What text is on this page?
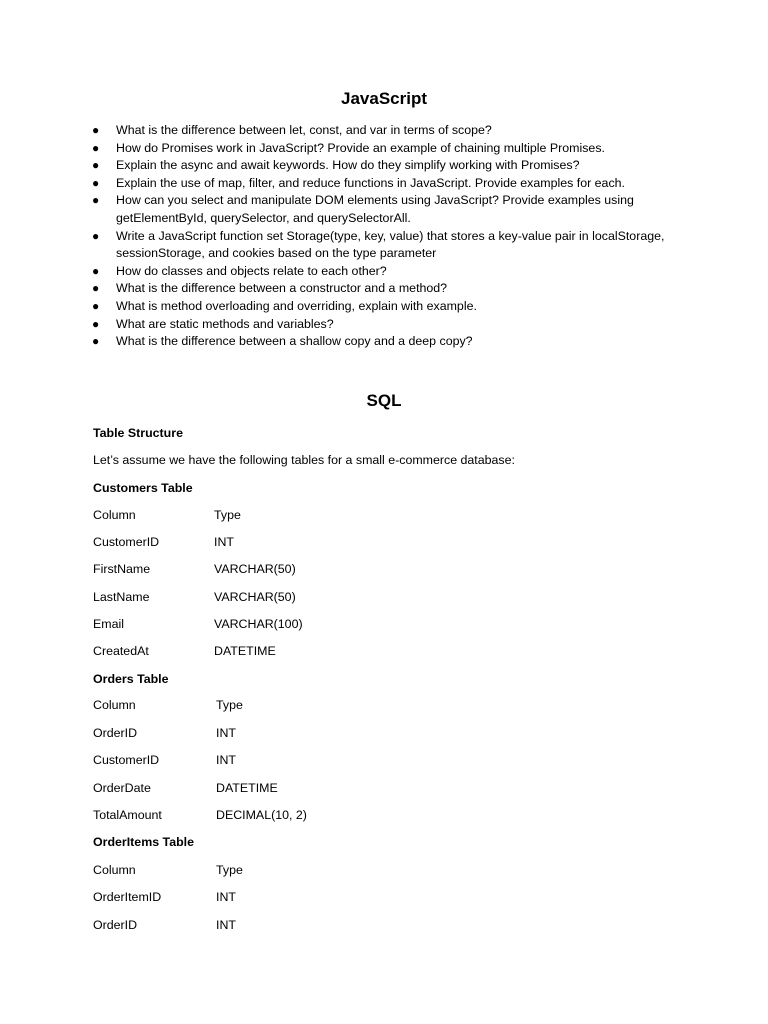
JavaScript
● What is the difference between let, const, and var in terms of scope?
● How do Promises work in JavaScript? Provide an example of chaining multiple Promises.
● Explain the async and await keywords. How do they simplify working with Promises?
● Explain the use of map, filter, and reduce functions in JavaScript. Provide examples for each.
● How can you select and manipulate DOM elements using JavaScript? Provide examples using getElementById, querySelector, and querySelectorAll.
● Write a JavaScript function set Storage(type, key, value) that stores a key-value pair in localStorage, sessionStorage, and cookies based on the type parameter
● How do classes and objects relate to each other?
● What is the difference between a constructor and a method?
● What is method overloading and overriding, explain with example.
● What are static methods and variables?
● What is the difference between a shallow copy and a deep copy?
SQL

Table Structure

Let’s assume we have the following tables for a small e-commerce database:

Customers Table

Column	Type
CustomerID	INT
FirstName	VARCHAR(50)
LastName	VARCHAR(50)
Email	VARCHAR(100)
CreatedAt	DATETIME

Orders Table

Column	Type
OrderID	INT
CustomerID	INT
OrderDate	DATETIME
TotalAmount	DECIMAL(10, 2)

OrderItems Table

Column	Type
OrderItemID	INT
OrderID	INT
